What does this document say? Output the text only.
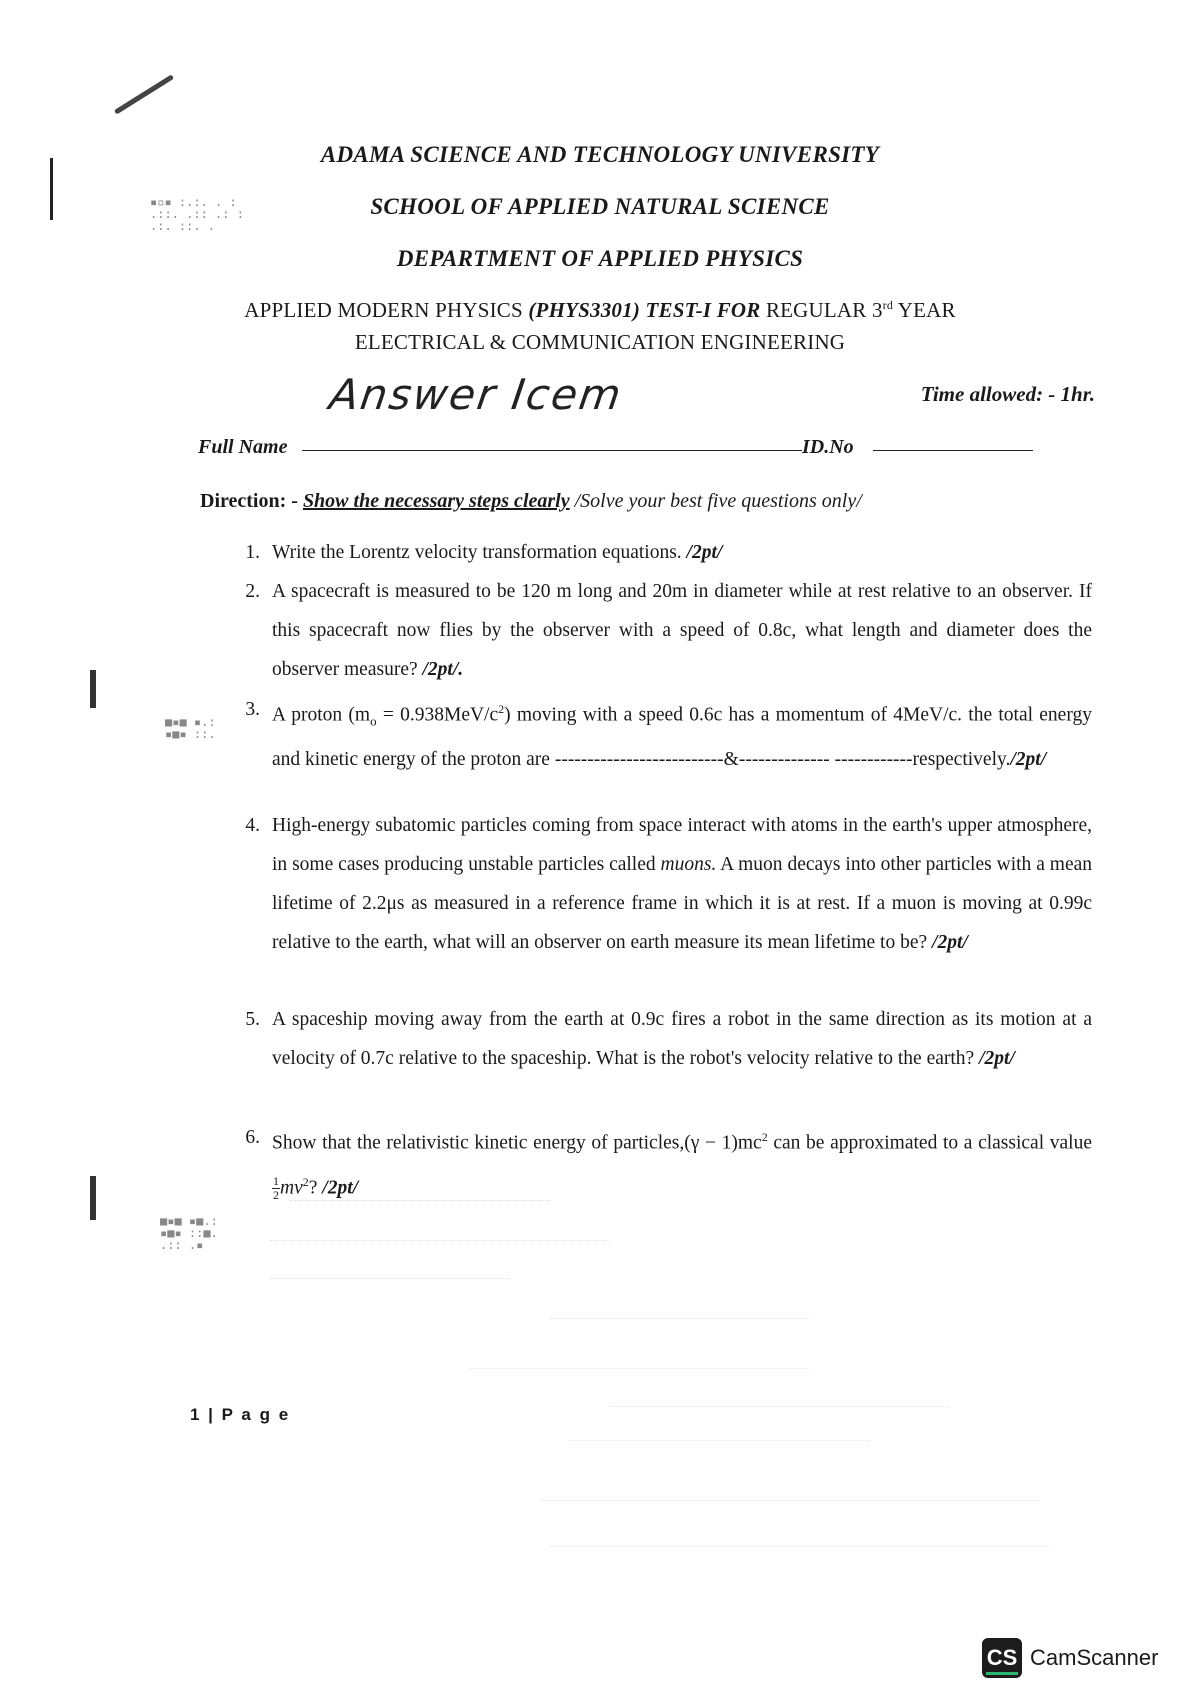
▪▫▪ :.:. . :
.::. .:: .: :
.:. ::. .
■▪■ ▪.:
▪■▪ ::.
■▪■ ▪■.:
▪■▪ ::■.
.:: .▪
ADAMA SCIENCE AND TECHNOLOGY UNIVERSITY
SCHOOL OF APPLIED NATURAL SCIENCE
DEPARTMENT OF APPLIED PHYSICS
APPLIED MODERN PHYSICS (PHYS3301) TEST-I FOR REGULAR 3rd YEAR
ELECTRICAL & COMMUNICATION ENGINEERING
Time allowed: - 1hr.
Answer Icem
Full Name	ID.No
Direction: - Show the necessary steps clearly /Solve your best five questions only/
1. Write the Lorentz velocity transformation equations. /2pt/
2. A spacecraft is measured to be 120 m long and 20m in diameter while at rest relative to an observer. If this spacecraft now flies by the observer with a speed of 0.8c, what length and diameter does the observer measure? /2pt/.
3. A proton $(m_o = 0.938MeV/c^2)$ moving with a speed 0.6c has a momentum of 4MeV/c. the total energy and kinetic energy of the proton are --------------------------&-------------- ------------respectively./2pt/
4. High-energy subatomic particles coming from space interact with atoms in the earth's upper atmosphere, in some cases producing unstable particles called muons. A muon decays into other particles with a mean lifetime of 2.2μs as measured in a reference frame in which it is at rest. If a muon is moving at 0.99c relative to the earth, what will an observer on earth measure its mean lifetime to be? /2pt/
5. A spaceship moving away from the earth at 0.9c fires a robot in the same direction as its motion at a velocity of 0.7c relative to the spaceship. What is the robot's velocity relative to the earth? /2pt/
6. Show that the relativistic kinetic energy of particles,(γ − $1)mc^2$ can be approximated to a classical value
$\frac{1}{2} mv^2$? /2pt/
1 | P a g e
CS CamScanner
